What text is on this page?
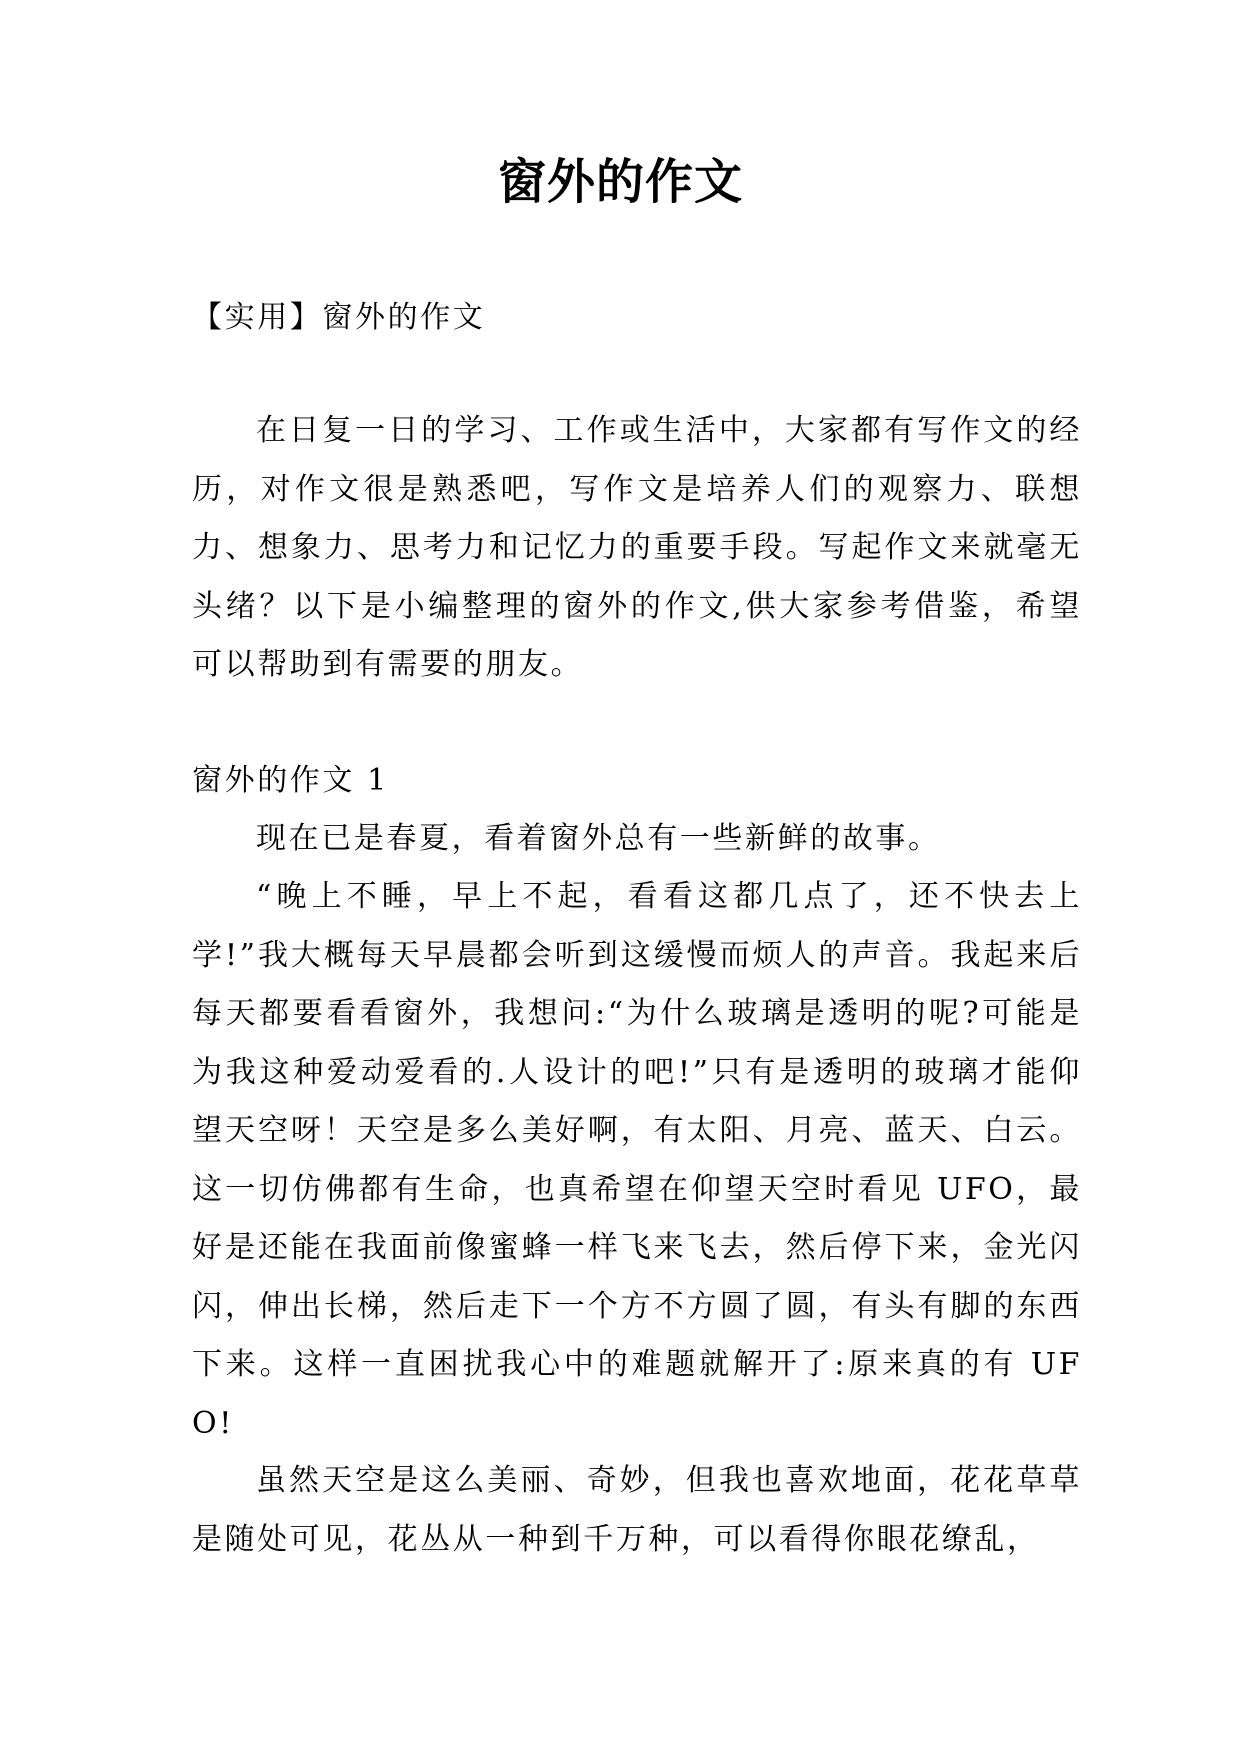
窗外的作文
【实用】窗外的作文
在日复一日的学习、工作或生活中，大家都有写作文的经历，对作文很是熟悉吧，写作文是培养人们的观察力、联想力、想象力、思考力和记忆力的重要手段。写起作文来就毫无头绪？以下是小编整理的窗外的作文,供大家参考借鉴，希望可以帮助到有需要的朋友。
窗外的作文 1
现在已是春夏，看着窗外总有一些新鲜的故事。
“晚上不睡，早上不起，看看这都几点了，还不快去上学!”我大概每天早晨都会听到这缓慢而烦人的声音。我起来后每天都要看看窗外，我想问:“为什么玻璃是透明的呢?可能是为我这种爱动爱看的.人设计的吧!”只有是透明的玻璃才能仰望天空呀！天空是多么美好啊，有太阳、月亮、蓝天、白云。这一切仿佛都有生命，也真希望在仰望天空时看见 UFO，最好是还能在我面前像蜜蜂一样飞来飞去，然后停下来，金光闪闪，伸出长梯，然后走下一个方不方圆了圆，有头有脚的东西下来。这样一直困扰我心中的难题就解开了:原来真的有 UFO!
虽然天空是这么美丽、奇妙，但我也喜欢地面，花花草草是随处可见，花丛从一种到千万种，可以看得你眼花缭乱，
